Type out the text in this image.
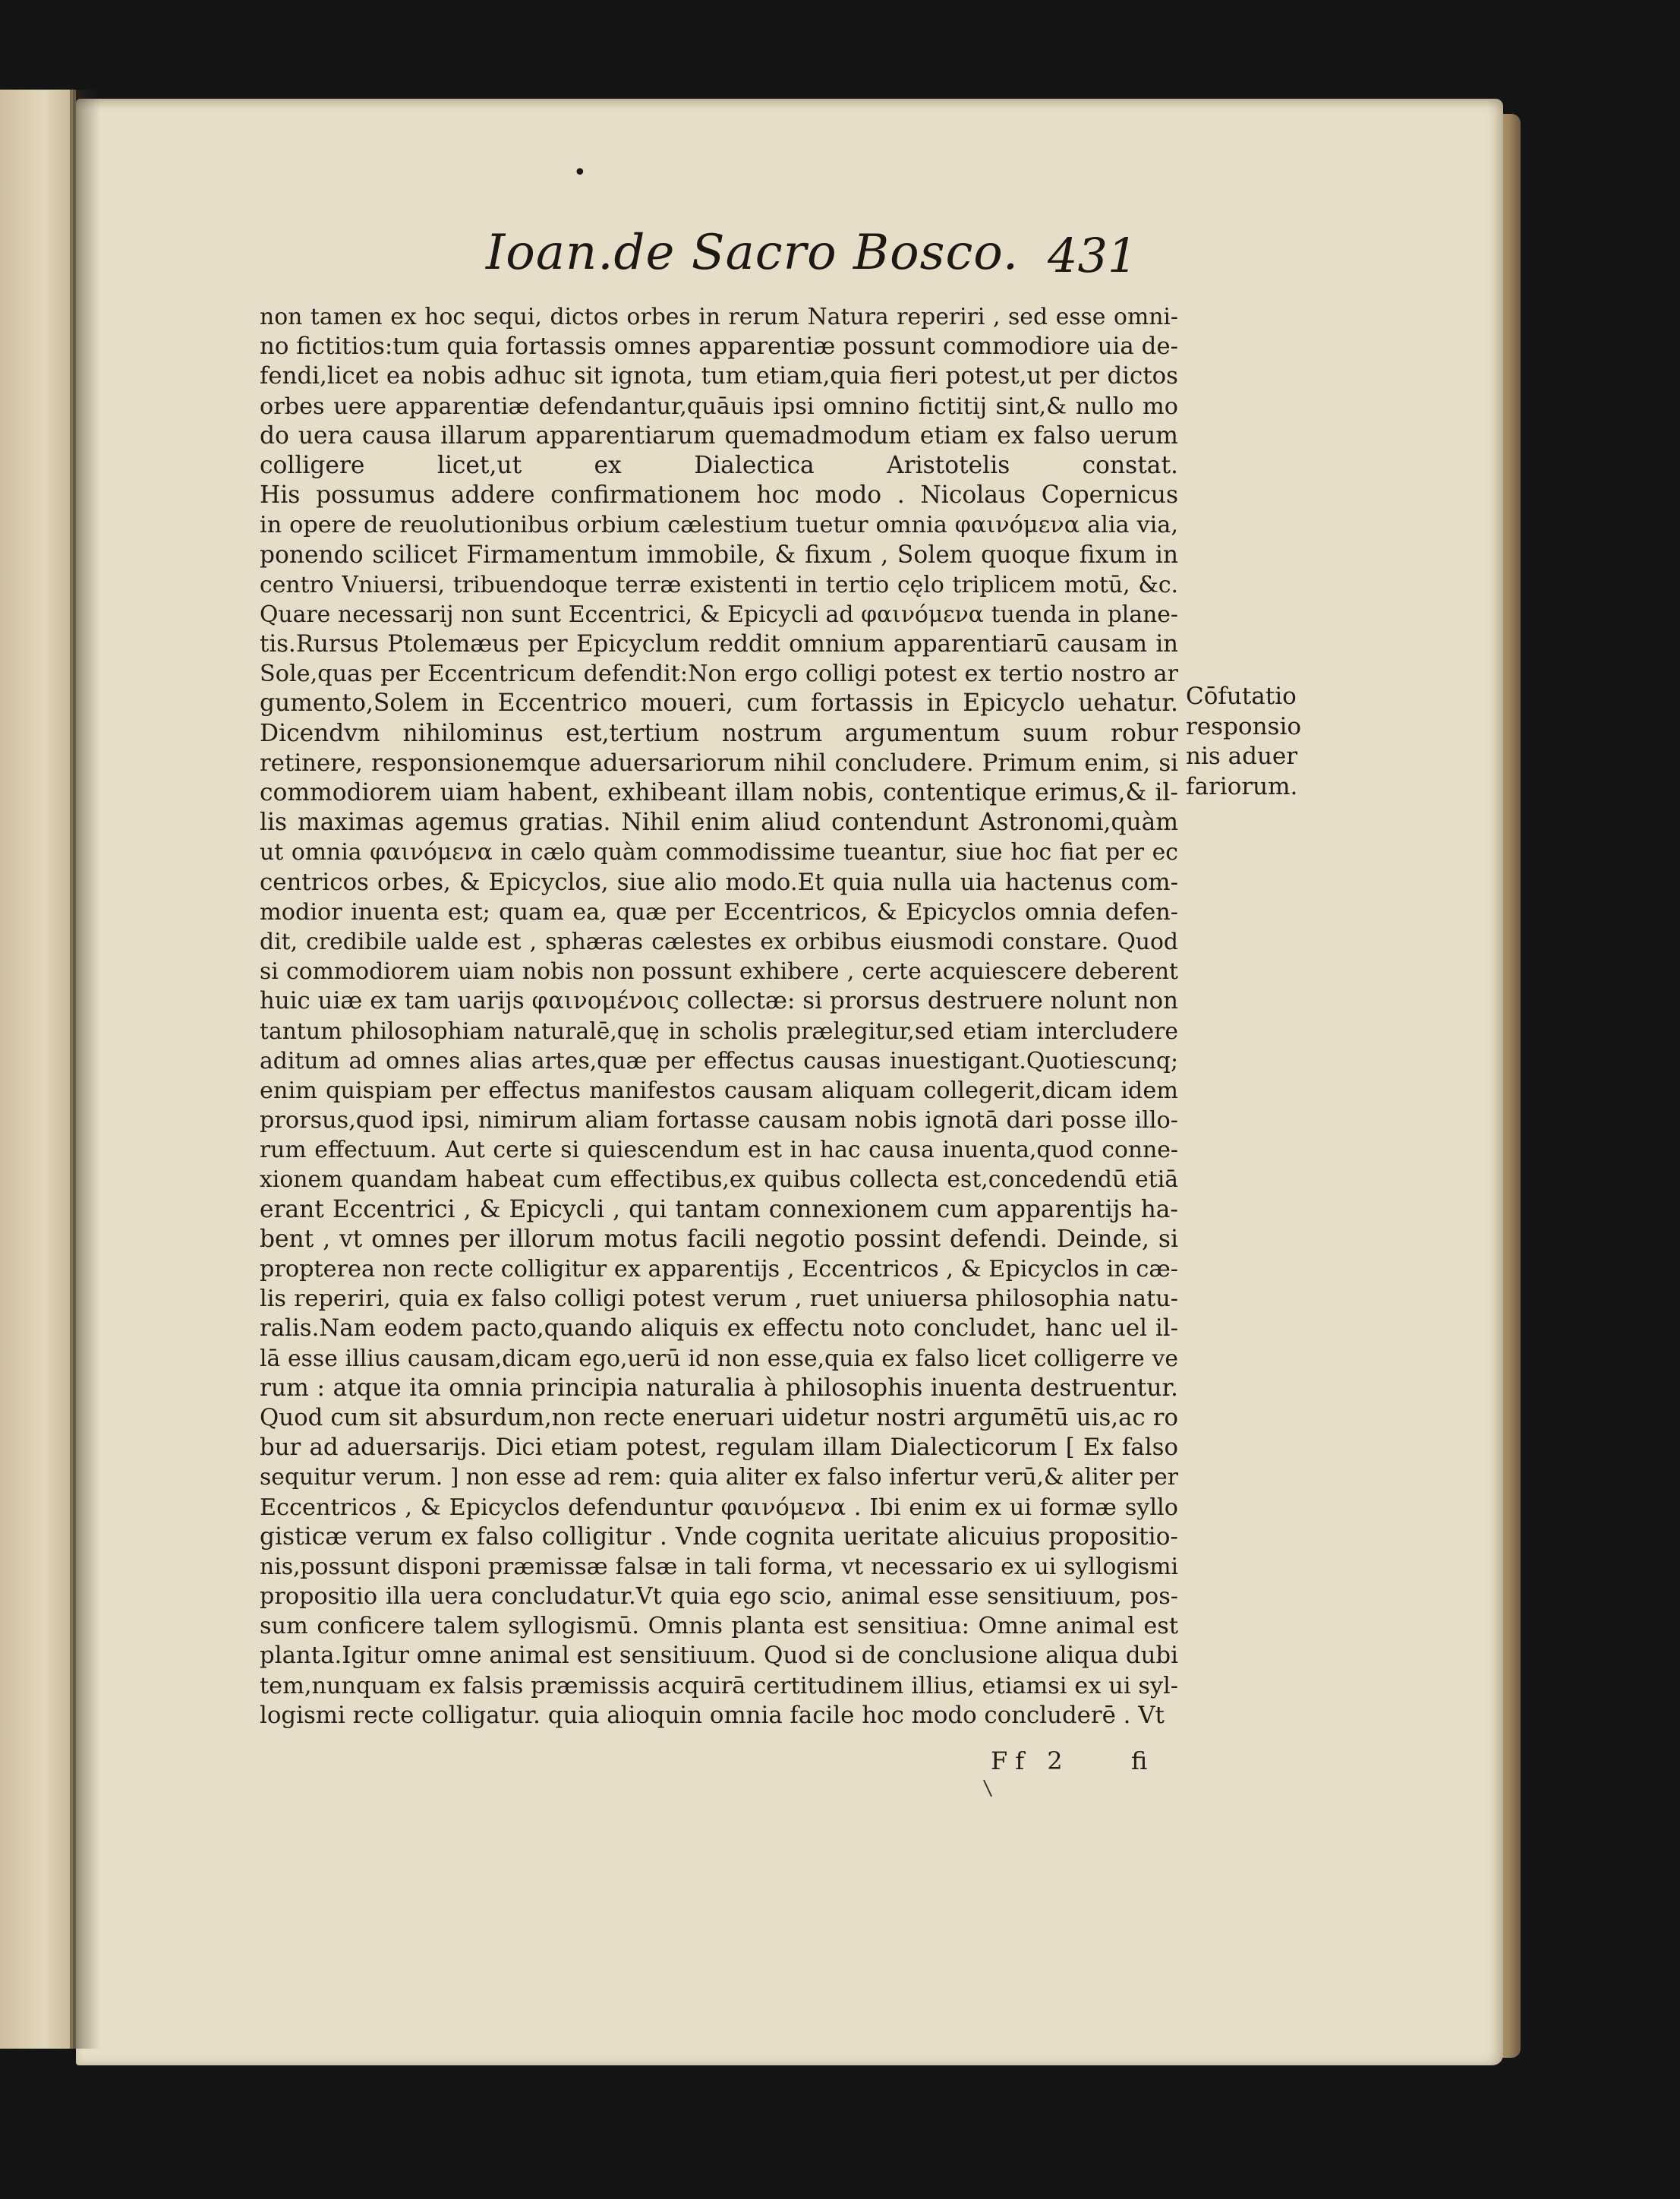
•
Ioan.de Sacro Bosco. 431
non tamen ex hoc sequi, dictos orbes in rerum Natura reperiri , sed esse omni-
no fictitios:tum quia fortassis omnes apparentiæ possunt commodiore uia de-
fendi,licet ea nobis adhuc sit ignota, tum etiam,quia fieri potest,ut per dictos
orbes uere apparentiæ defendantur,quāuis ipsi omnino fictitij sint,& nullo mo
do uera causa illarum apparentiarum quemadmodum etiam ex falso uerum
colligere licet,ut ex Dialectica Aristotelis constat.
His possumus addere confirmationem hoc modo . Nicolaus Copernicus
in opere de reuolutionibus orbium cælestium tuetur omnia φαινόμενα alia via,
ponendo scilicet Firmamentum immobile, & fixum , Solem quoque fixum in
centro Vniuersi, tribuendoque terræ existenti in tertio cęlo triplicem motū, &c.
Quare necessarij non sunt Eccentrici, & Epicycli ad φαινόμενα tuenda in plane-
tis.Rursus Ptolemæus per Epicyclum reddit omnium apparentiarū causam in
Sole,quas per Eccentricum defendit:Non ergo colligi potest ex tertio nostro ar
gumento,Solem in Eccentrico moueri, cum fortassis in Epicyclo uehatur.
Dicendvm nihilominus est,tertium nostrum argumentum suum robur
retinere, responsionemque aduersariorum nihil concludere. Primum enim, si
commodiorem uiam habent, exhibeant illam nobis, contentique erimus,& il-
lis maximas agemus gratias. Nihil enim aliud contendunt Astronomi,quàm
ut omnia φαινόμενα in cælo quàm commodissime tueantur, siue hoc fiat per ec
centricos orbes, & Epicyclos, siue alio modo.Et quia nulla uia hactenus com-
modior inuenta est; quam ea, quæ per Eccentricos, & Epicyclos omnia defen-
dit, credibile ualde est , sphæras cælestes ex orbibus eiusmodi constare. Quod
si commodiorem uiam nobis non possunt exhibere , certe acquiescere deberent
huic uiæ ex tam uarijs φαινομένοις collectæ: si prorsus destruere nolunt non
tantum philosophiam naturalē,quę in scholis prælegitur,sed etiam intercludere
aditum ad omnes alias artes,quæ per effectus causas inuestigant.Quotiescunq;
enim quispiam per effectus manifestos causam aliquam collegerit,dicam idem
prorsus,quod ipsi, nimirum aliam fortasse causam nobis ignotā dari posse illo-
rum effectuum. Aut certe si quiescendum est in hac causa inuenta,quod conne-
xionem quandam habeat cum effectibus,ex quibus collecta est,concedendū etiā
erant Eccentrici , & Epicycli , qui tantam connexionem cum apparentijs ha-
bent , vt omnes per illorum motus facili negotio possint defendi. Deinde, si
propterea non recte colligitur ex apparentijs , Eccentricos , & Epicyclos in cæ-
lis reperiri, quia ex falso colligi potest verum , ruet uniuersa philosophia natu-
ralis.Nam eodem pacto,quando aliquis ex effectu noto concludet, hanc uel il-
lā esse illius causam,dicam ego,uerū id non esse,quia ex falso licet colligerre ve
rum : atque ita omnia principia naturalia à philosophis inuenta destruentur.
Quod cum sit absurdum,non recte eneruari uidetur nostri argumētū uis,ac ro
bur ad aduersarijs. Dici etiam potest, regulam illam Dialecticorum [ Ex falso
sequitur verum. ] non esse ad rem: quia aliter ex falso infertur verū,& aliter per
Eccentricos , & Epicyclos defenduntur φαινόμενα . Ibi enim ex ui formæ syllo
gisticæ verum ex falso colligitur . Vnde cognita ueritate alicuius propositio-
nis,possunt disponi præmissæ falsæ in tali forma, vt necessario ex ui syllogismi
propositio illa uera concludatur.Vt quia ego scio, animal esse sensitiuum, pos-
sum conficere talem syllogismū. Omnis planta est sensitiua: Omne animal est
planta.Igitur omne animal est sensitiuum. Quod si de conclusione aliqua dubi
tem,nunquam ex falsis præmissis acquirā certitudinem illius, etiamsi ex ui syl-
logismi recte colligatur. quia alioquin omnia facile hoc modo concluderē . Vt
Cōfutatio
responsio
nis aduer
fariorum.
Ff 2	fi
